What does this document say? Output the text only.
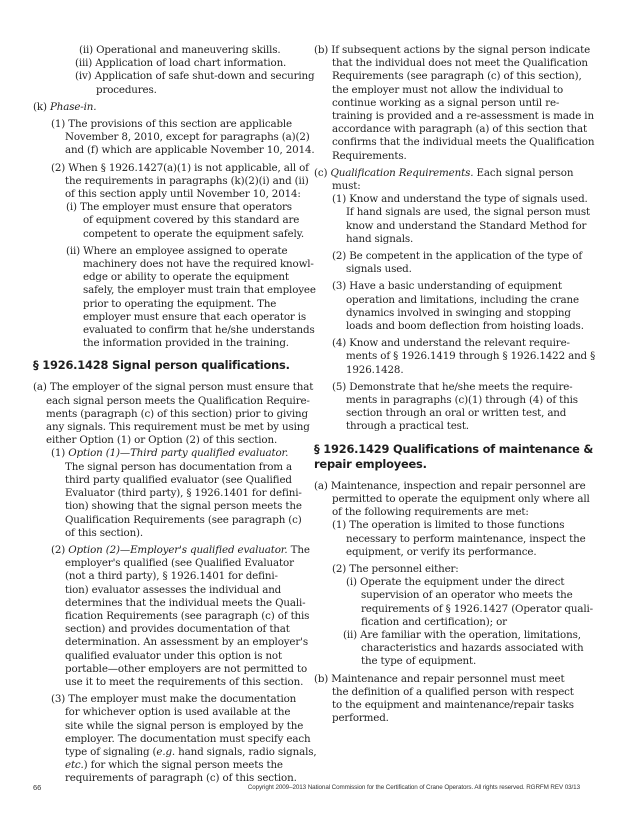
(ii) Operational and maneuvering skills.
(iii) Application of load chart information.
(iv) Application of safe shut-down and securing
procedures.
(k) Phase-in.
(1) The provisions of this section are applicable
November 8, 2010, except for paragraphs (a)(2)
and (f) which are applicable November 10, 2014.
(2) When § 1926.1427(a)(1) is not applicable, all of
the requirements in paragraphs (k)(2)(i) and (ii)
of this section apply until November 10, 2014:
(i) The employer must ensure that operators
of equipment covered by this standard are
competent to operate the equipment safely.
(ii) Where an employee assigned to operate
machinery does not have the required knowl-
edge or ability to operate the equipment
safely, the employer must train that employee
prior to operating the equipment. The
employer must ensure that each operator is
evaluated to confirm that he/she understands
the information provided in the training.
§ 1926.1428 Signal person qualifications.
(a) The employer of the signal person must ensure that
each signal person meets the Qualification Require-
ments (paragraph (c) of this section) prior to giving
any signals. This requirement must be met by using
either Option (1) or Option (2) of this section.
(1) Option (1)—Third party qualified evaluator.
The signal person has documentation from a
third party qualified evaluator (see Qualified
Evaluator (third party), § 1926.1401 for defini-
tion) showing that the signal person meets the
Qualification Requirements (see paragraph (c)
of this section).
(2) Option (2)—Employer's qualified evaluator. The
employer's qualified (see Qualified Evaluator
(not a third party), § 1926.1401 for defini-
tion) evaluator assesses the individual and
determines that the individual meets the Quali-
fication Requirements (see paragraph (c) of this
section) and provides documentation of that
determination. An assessment by an employer's
qualified evaluator under this option is not
portable—other employers are not permitted to
use it to meet the requirements of this section.
(3) The employer must make the documentation
for whichever option is used available at the
site while the signal person is employed by the
employer. The documentation must specify each
type of signaling (e.g. hand signals, radio signals,
etc.) for which the signal person meets the
requirements of paragraph (c) of this section.
(b) If subsequent actions by the signal person indicate
that the individual does not meet the Qualification
Requirements (see paragraph (c) of this section),
the employer must not allow the individual to
continue working as a signal person until re-
training is provided and a re-assessment is made in
accordance with paragraph (a) of this section that
confirms that the individual meets the Qualification
Requirements.
(c) Qualification Requirements. Each signal person
must:
(1) Know and understand the type of signals used.
If hand signals are used, the signal person must
know and understand the Standard Method for
hand signals.
(2) Be competent in the application of the type of
signals used.
(3) Have a basic understanding of equipment
operation and limitations, including the crane
dynamics involved in swinging and stopping
loads and boom deflection from hoisting loads.
(4) Know and understand the relevant require-
ments of § 1926.1419 through § 1926.1422 and §
1926.1428.
(5) Demonstrate that he/she meets the require-
ments in paragraphs (c)(1) through (4) of this
section through an oral or written test, and
through a practical test.
§ 1926.1429 Qualifications of maintenance &
repair employees.
(a) Maintenance, inspection and repair personnel are
permitted to operate the equipment only where all
of the following requirements are met:
(1) The operation is limited to those functions
necessary to perform maintenance, inspect the
equipment, or verify its performance.
(2) The personnel either:
(i) Operate the equipment under the direct
supervision of an operator who meets the
requirements of § 1926.1427 (Operator quali-
fication and certification); or
(ii) Are familiar with the operation, limitations,
characteristics and hazards associated with
the type of equipment.
(b) Maintenance and repair personnel must meet
the definition of a qualified person with respect
to the equipment and maintenance/repair tasks
performed.
66	Copyright 2009–2013 National Commission for the Certification of Crane Operators. All rights reserved. RGRFM REV 03/13
